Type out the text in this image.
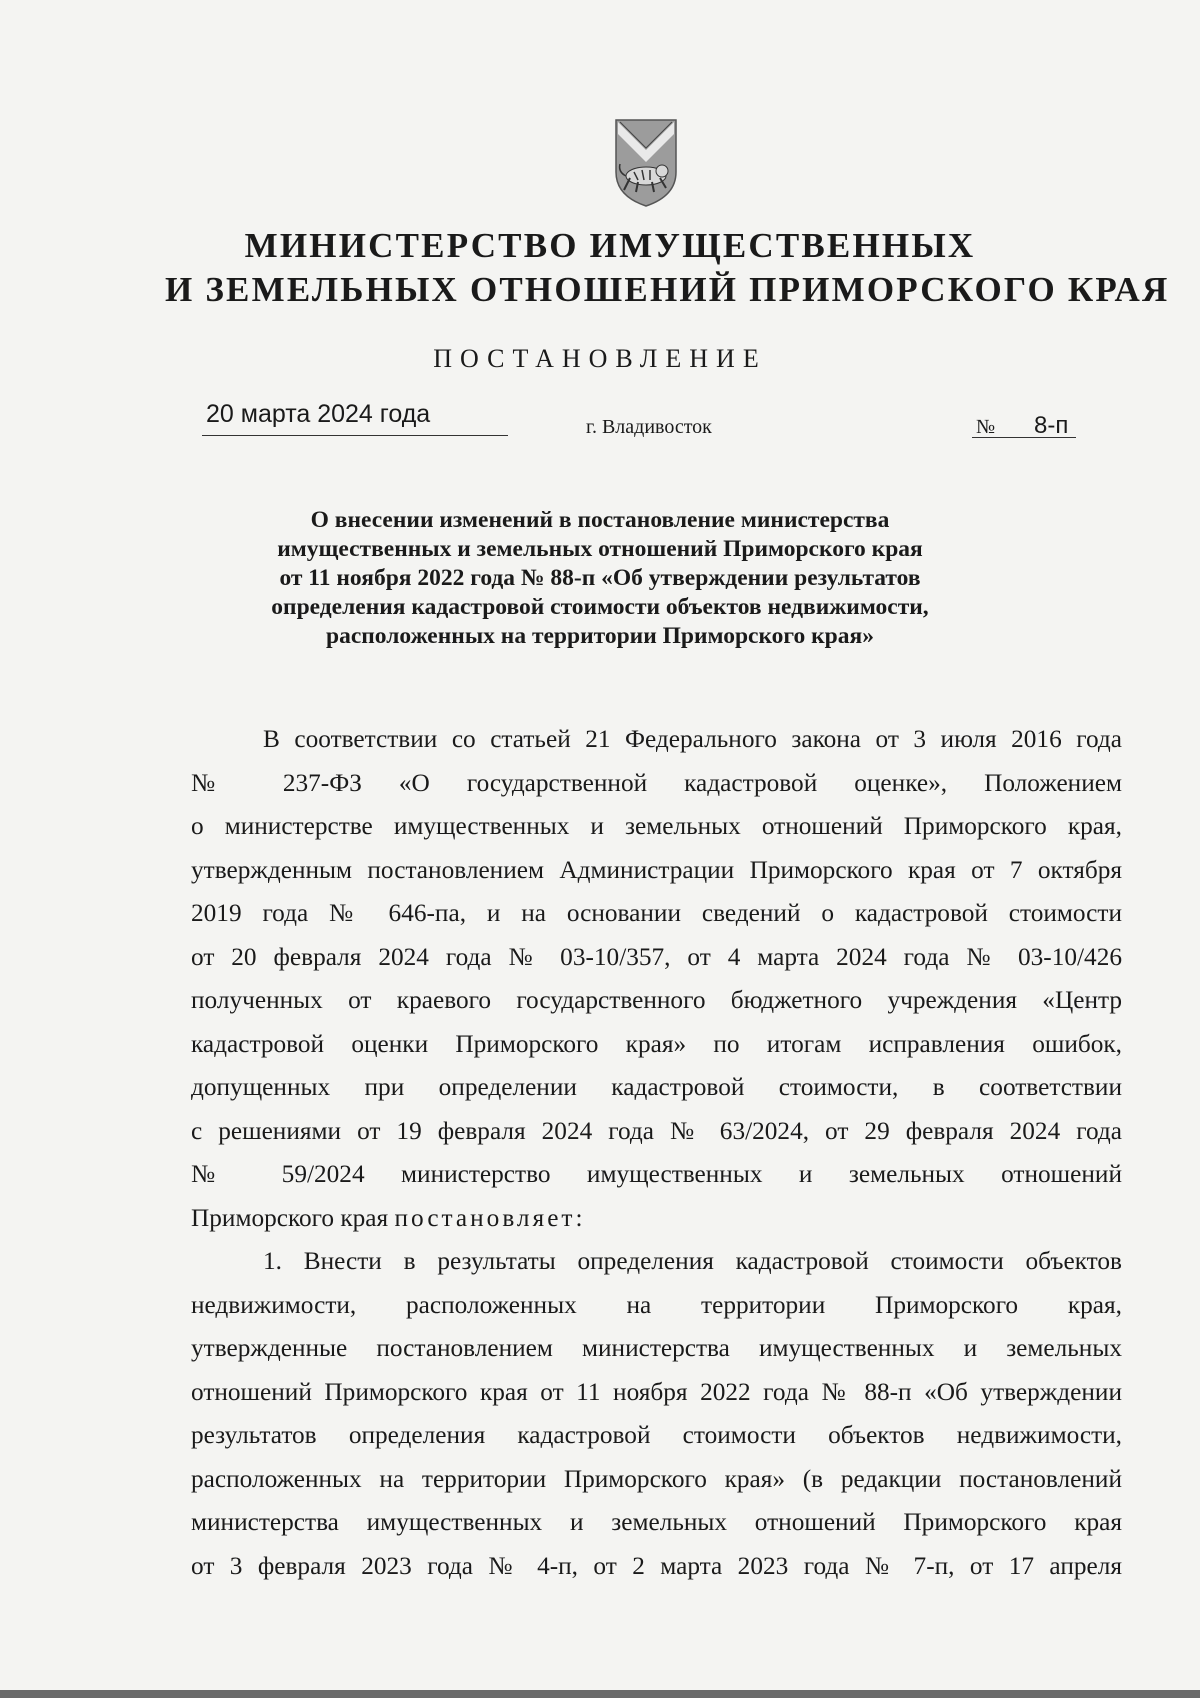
МИНИСТЕРСТВО ИМУЩЕСТВЕННЫХ
И ЗЕМЕЛЬНЫХ ОТНОШЕНИЙ ПРИМОРСКОГО КРАЯ
ПОСТАНОВЛЕНИЕ
20 марта 2024 года	г. Владивосток	№ 8-п
О внесении изменений в постановление министерства
имущественных и земельных отношений Приморского края
от 11 ноября 2022 года № 88-п «Об утверждении результатов
определения кадастровой стоимости объектов недвижимости,
расположенных на территории Приморского края»
В соответствии со статьей 21 Федерального закона от 3 июля 2016 года
№ 237-ФЗ «О государственной кадастровой оценке», Положением
о министерстве имущественных и земельных отношений Приморского края,
утвержденным постановлением Администрации Приморского края от 7 октября
2019 года № 646-па, и на основании сведений о кадастровой стоимости
от 20 февраля 2024 года № 03-10/357, от 4 марта 2024 года № 03-10/426
полученных от краевого государственного бюджетного учреждения «Центр
кадастровой оценки Приморского края» по итогам исправления ошибок,
допущенных при определении кадастровой стоимости, в соответствии
с решениями от 19 февраля 2024 года № 63/2024, от 29 февраля 2024 года
№ 59/2024 министерство имущественных и земельных отношений
Приморского края постановляет:
1. Внести в результаты определения кадастровой стоимости объектов
недвижимости, расположенных на территории Приморского края,
утвержденные постановлением министерства имущественных и земельных
отношений Приморского края от 11 ноября 2022 года № 88-п «Об утверждении
результатов определения кадастровой стоимости объектов недвижимости,
расположенных на территории Приморского края» (в редакции постановлений
министерства имущественных и земельных отношений Приморского края
от 3 февраля 2023 года № 4-п, от 2 марта 2023 года № 7-п, от 17 апреля
